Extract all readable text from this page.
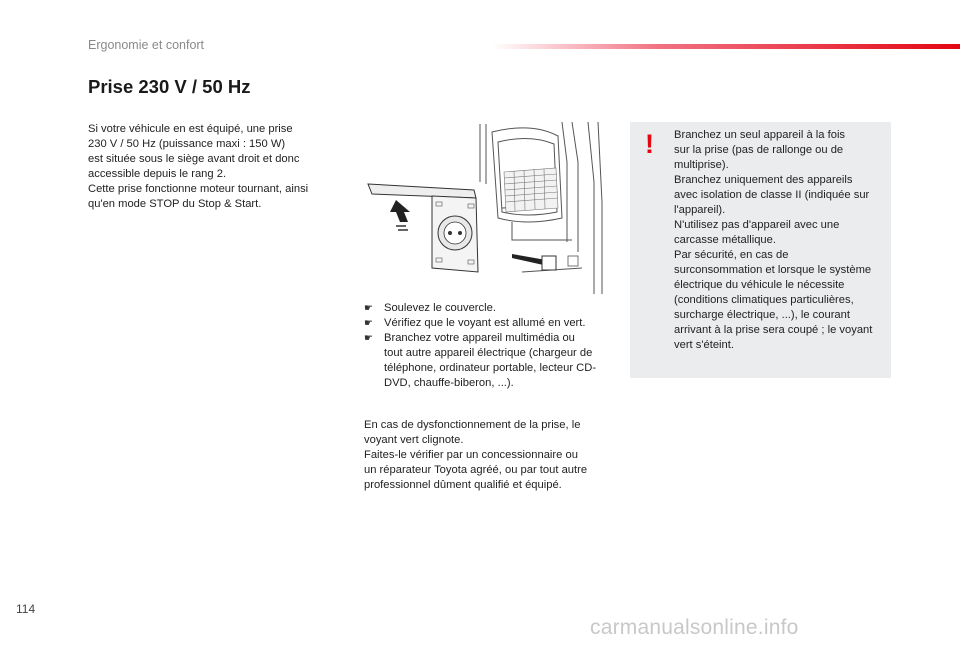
Ergonomie et confort
Prise 230 V / 50 Hz

Si votre véhicule en est équipé, une prise

230 V / 50 Hz (puissance maxi : 150 W)

est située sous le siège avant droit et donc

accessible depuis le rang 2.

Cette prise fonctionne moteur tournant, ainsi

qu'en mode STOP du Stop & Start.

☛ Soulevez le couvercle.
☛ Vérifiez que le voyant est allumé en vert.
☛ Branchez votre appareil multimédia ou
tout autre appareil électrique (chargeur de
téléphone, ordinateur portable, lecteur CD-
DVD, chauffe-biberon, ...).

En cas de dysfonctionnement de la prise, le

voyant vert clignote.

Faites-le vérifier par un concessionnaire ou

un réparateur Toyota agréé, ou par tout autre

professionnel dûment qualifié et équipé.

! Branchez un seul appareil à la fois

sur la prise (pas de rallonge ou de

multiprise).

Branchez uniquement des appareils

avec isolation de classe II (indiquée sur

l'appareil).

N'utilisez pas d'appareil avec une

carcasse métallique.

Par sécurité, en cas de

surconsommation et lorsque le système

électrique du véhicule le nécessite

(conditions climatiques particulières,

surcharge électrique, ...), le courant

arrivant à la prise sera coupé ; le voyant

vert s'éteint.

114
carmanualsonline.info
